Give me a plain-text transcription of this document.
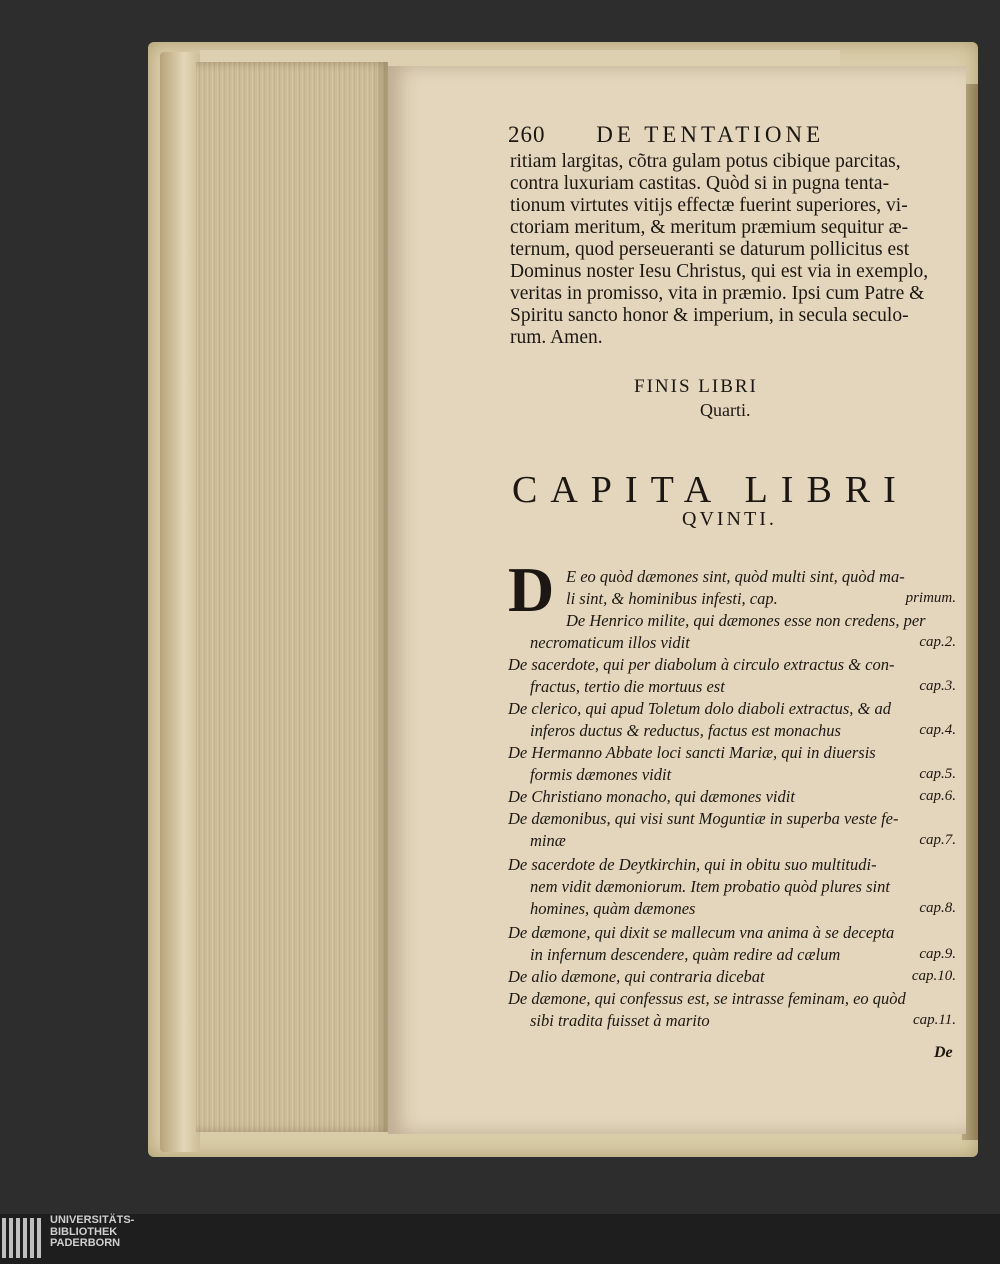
260 DE TENTATIONE
ritiam largitas, cõtra gulam potus cibique parcitas,
contra luxuriam castitas. Quòd si in pugna tenta-
tionum virtutes vitijs effectæ fuerint superiores, vi-
ctoriam meritum, & meritum præmium sequitur æ-
ternum, quod perseueranti se daturum pollicitus est
Dominus noster Iesu Christus, qui est via in exemplo,
veritas in promisso, vita in præmio. Ipsi cum Patre &
Spiritu sancto honor & imperium, in secula seculo-
rum. Amen.
FINIS LIBRI
Quarti.
CAPITA LIBRI
QVINTI.
D E eo quòd dæmones sint, quòd multi sint, quòd ma-
li sint, & hominibus infesti, cap.	primum.
De Henrico milite, qui dæmones esse non credens, per
necromaticum illos vidit	cap.2.
De sacerdote, qui per diabolum à circulo extractus & con-
fractus, tertio die mortuus est	cap.3.
De clerico, qui apud Toletum dolo diaboli extractus, & ad
inferos ductus & reductus, factus est monachus	cap.4.
De Hermanno Abbate loci sancti Mariæ, qui in diuersis
formis dæmones vidit	cap.5.
De Christiano monacho, qui dæmones vidit	cap.6.
De dæmonibus, qui visi sunt Moguntiæ in superba veste fe-
minæ	cap.7.
De sacerdote de Deytkirchin, qui in obitu suo multitudi-
nem vidit dæmoniorum. Item probatio quòd plures sint
homines, quàm dæmones	cap.8.
De dæmone, qui dixit se mallecum vna anima à se decepta
in infernum descendere, quàm redire ad cælum	cap.9.
De alio dæmone, qui contraria dicebat	cap.10.
De dæmone, qui confessus est, se intrasse feminam, eo quòd
sibi tradita fuisset à marito	cap.11.
De
UNIVERSITÄTS-
BIBLIOTHEK
PADERBORN
